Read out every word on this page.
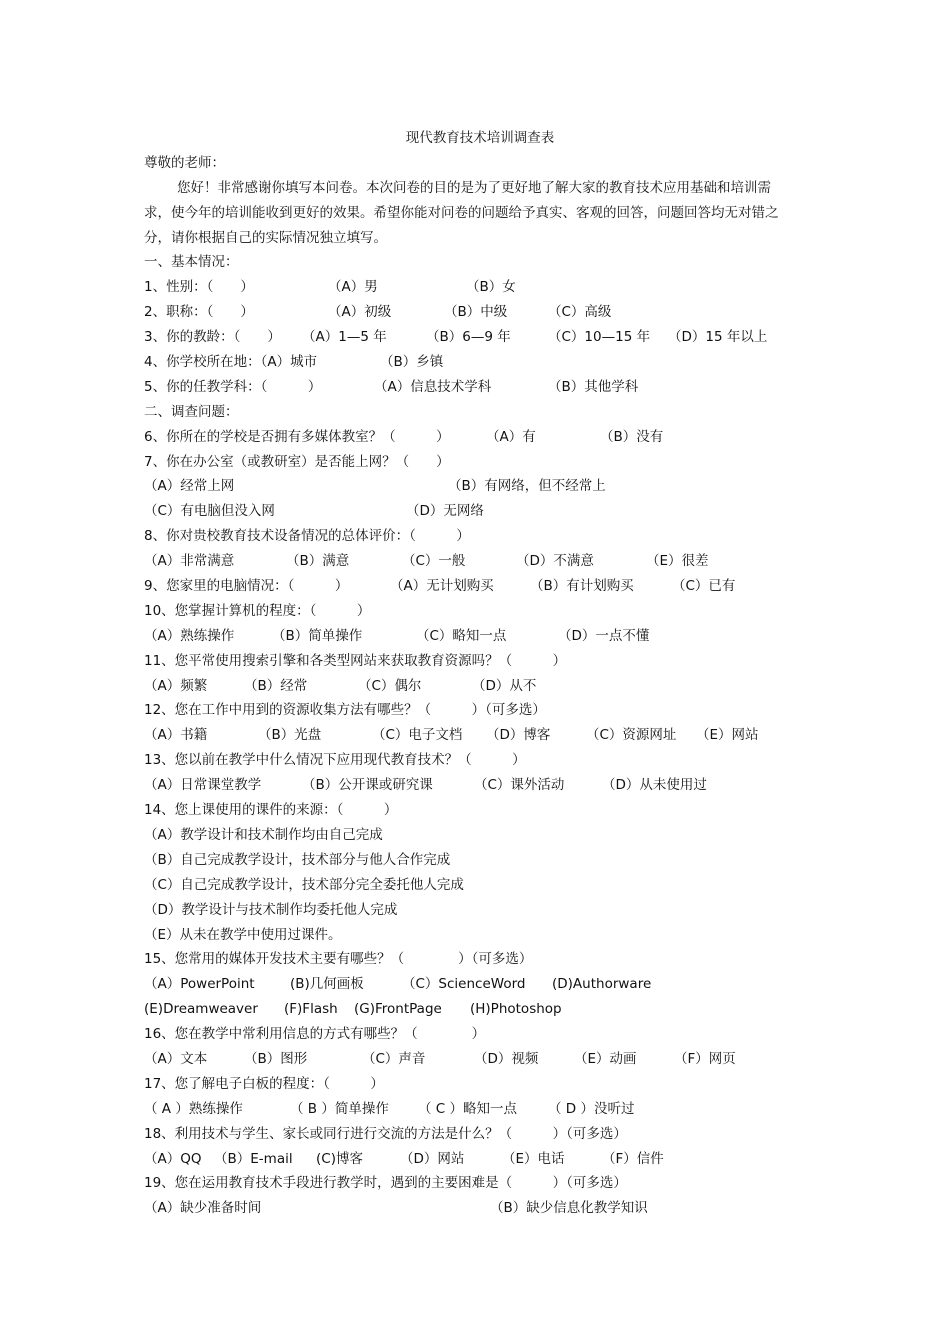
现代教育技术培训调查表
尊敬的老师：
您好！非常感谢你填写本问卷。本次问卷的目的是为了更好地了解大家的教育技术应用基础和培训需
求，使今年的培训能收到更好的效果。希望你能对问卷的问题给予真实、客观的回答，问题回答均无对错之
分，请你根据自己的实际情况独立填写。
一、基本情况：
1、性别：（　　）	（A）男	（B）女
2、职称：（　　）	（A）初级	（B）中级	（C）高级
3、你的教龄：（　　） （A）1—5 年	（B）6—9 年	（C）10—15 年 （D）15 年以上
4、你学校所在地：（A）城市	（B）乡镇
5、你的任教学科：（　　　）	（A）信息技术学科	（B）其他学科
二、调查问题：
6、你所在的学校是否拥有多媒体教室？（　　　）	（A）有	（B）没有
7、你在办公室（或教研室）是否能上网？（　　）
（A）经常上网	（B）有网络，但不经常上
（C）有电脑但没入网	（D）无网络
8、你对贵校教育技术设备情况的总体评价：（　　　）
（A）非常满意	（B）满意	（C）一般	（D）不满意	（E）很差
9、您家里的电脑情况：（　　　）	（A）无计划购买	（B）有计划购买	（C）已有
10、您掌握计算机的程度：（　　　）
（A）熟练操作	（B）简单操作	（C）略知一点	（D）一点不懂
11、您平常使用搜索引擎和各类型网站来获取教育资源吗？（　　　）
（A）频繁	（B）经常	（C）偶尔	（D）从不
12、您在工作中用到的资源收集方法有哪些？（　　　）（可多选）
（A）书籍	（B）光盘	（C）电子文档 （D）博客	（C）资源网址 （E）网站
13、您以前在教学中什么情况下应用现代教育技术？（　　　）
（A）日常课堂教学	（B）公开课或研究课	（C）课外活动	（D）从未使用过
14、您上课使用的课件的来源：（　　　）
（A）教学设计和技术制作均由自己完成
（B）自己完成教学设计，技术部分与他人合作完成
（C）自己完成教学设计，技术部分完全委托他人完成
（D）教学设计与技术制作均委托他人完成
（E）从未在教学中使用过课件。
15、您常用的媒体开发技术主要有哪些？（　　　　）（可多选）
（A）PowerPoint	(B)几何画板	（C）ScienceWord (D)Authorware
(E)Dreamweaver (F)Flash (G)FrontPage (H)Photoshop
16、您在教学中常利用信息的方式有哪些？（　　　　）
（A）文本	（B）图形	（C）声音	（D）视频	（E）动画	（F）网页
17、您了解电子白板的程度：（　　　）
（ A ）熟练操作	（ B ）简单操作 （ C ）略知一点 （ D ）没听过
18、利用技术与学生、家长或同行进行交流的方法是什么？（　　　）（可多选）
（A）QQ （B）E-mail (C)博客	（D）网站	（E）电话	（F）信件
19、您在运用教育技术手段进行教学时，遇到的主要困难是（　　　）（可多选）
（A）缺少准备时间	（B）缺少信息化教学知识
